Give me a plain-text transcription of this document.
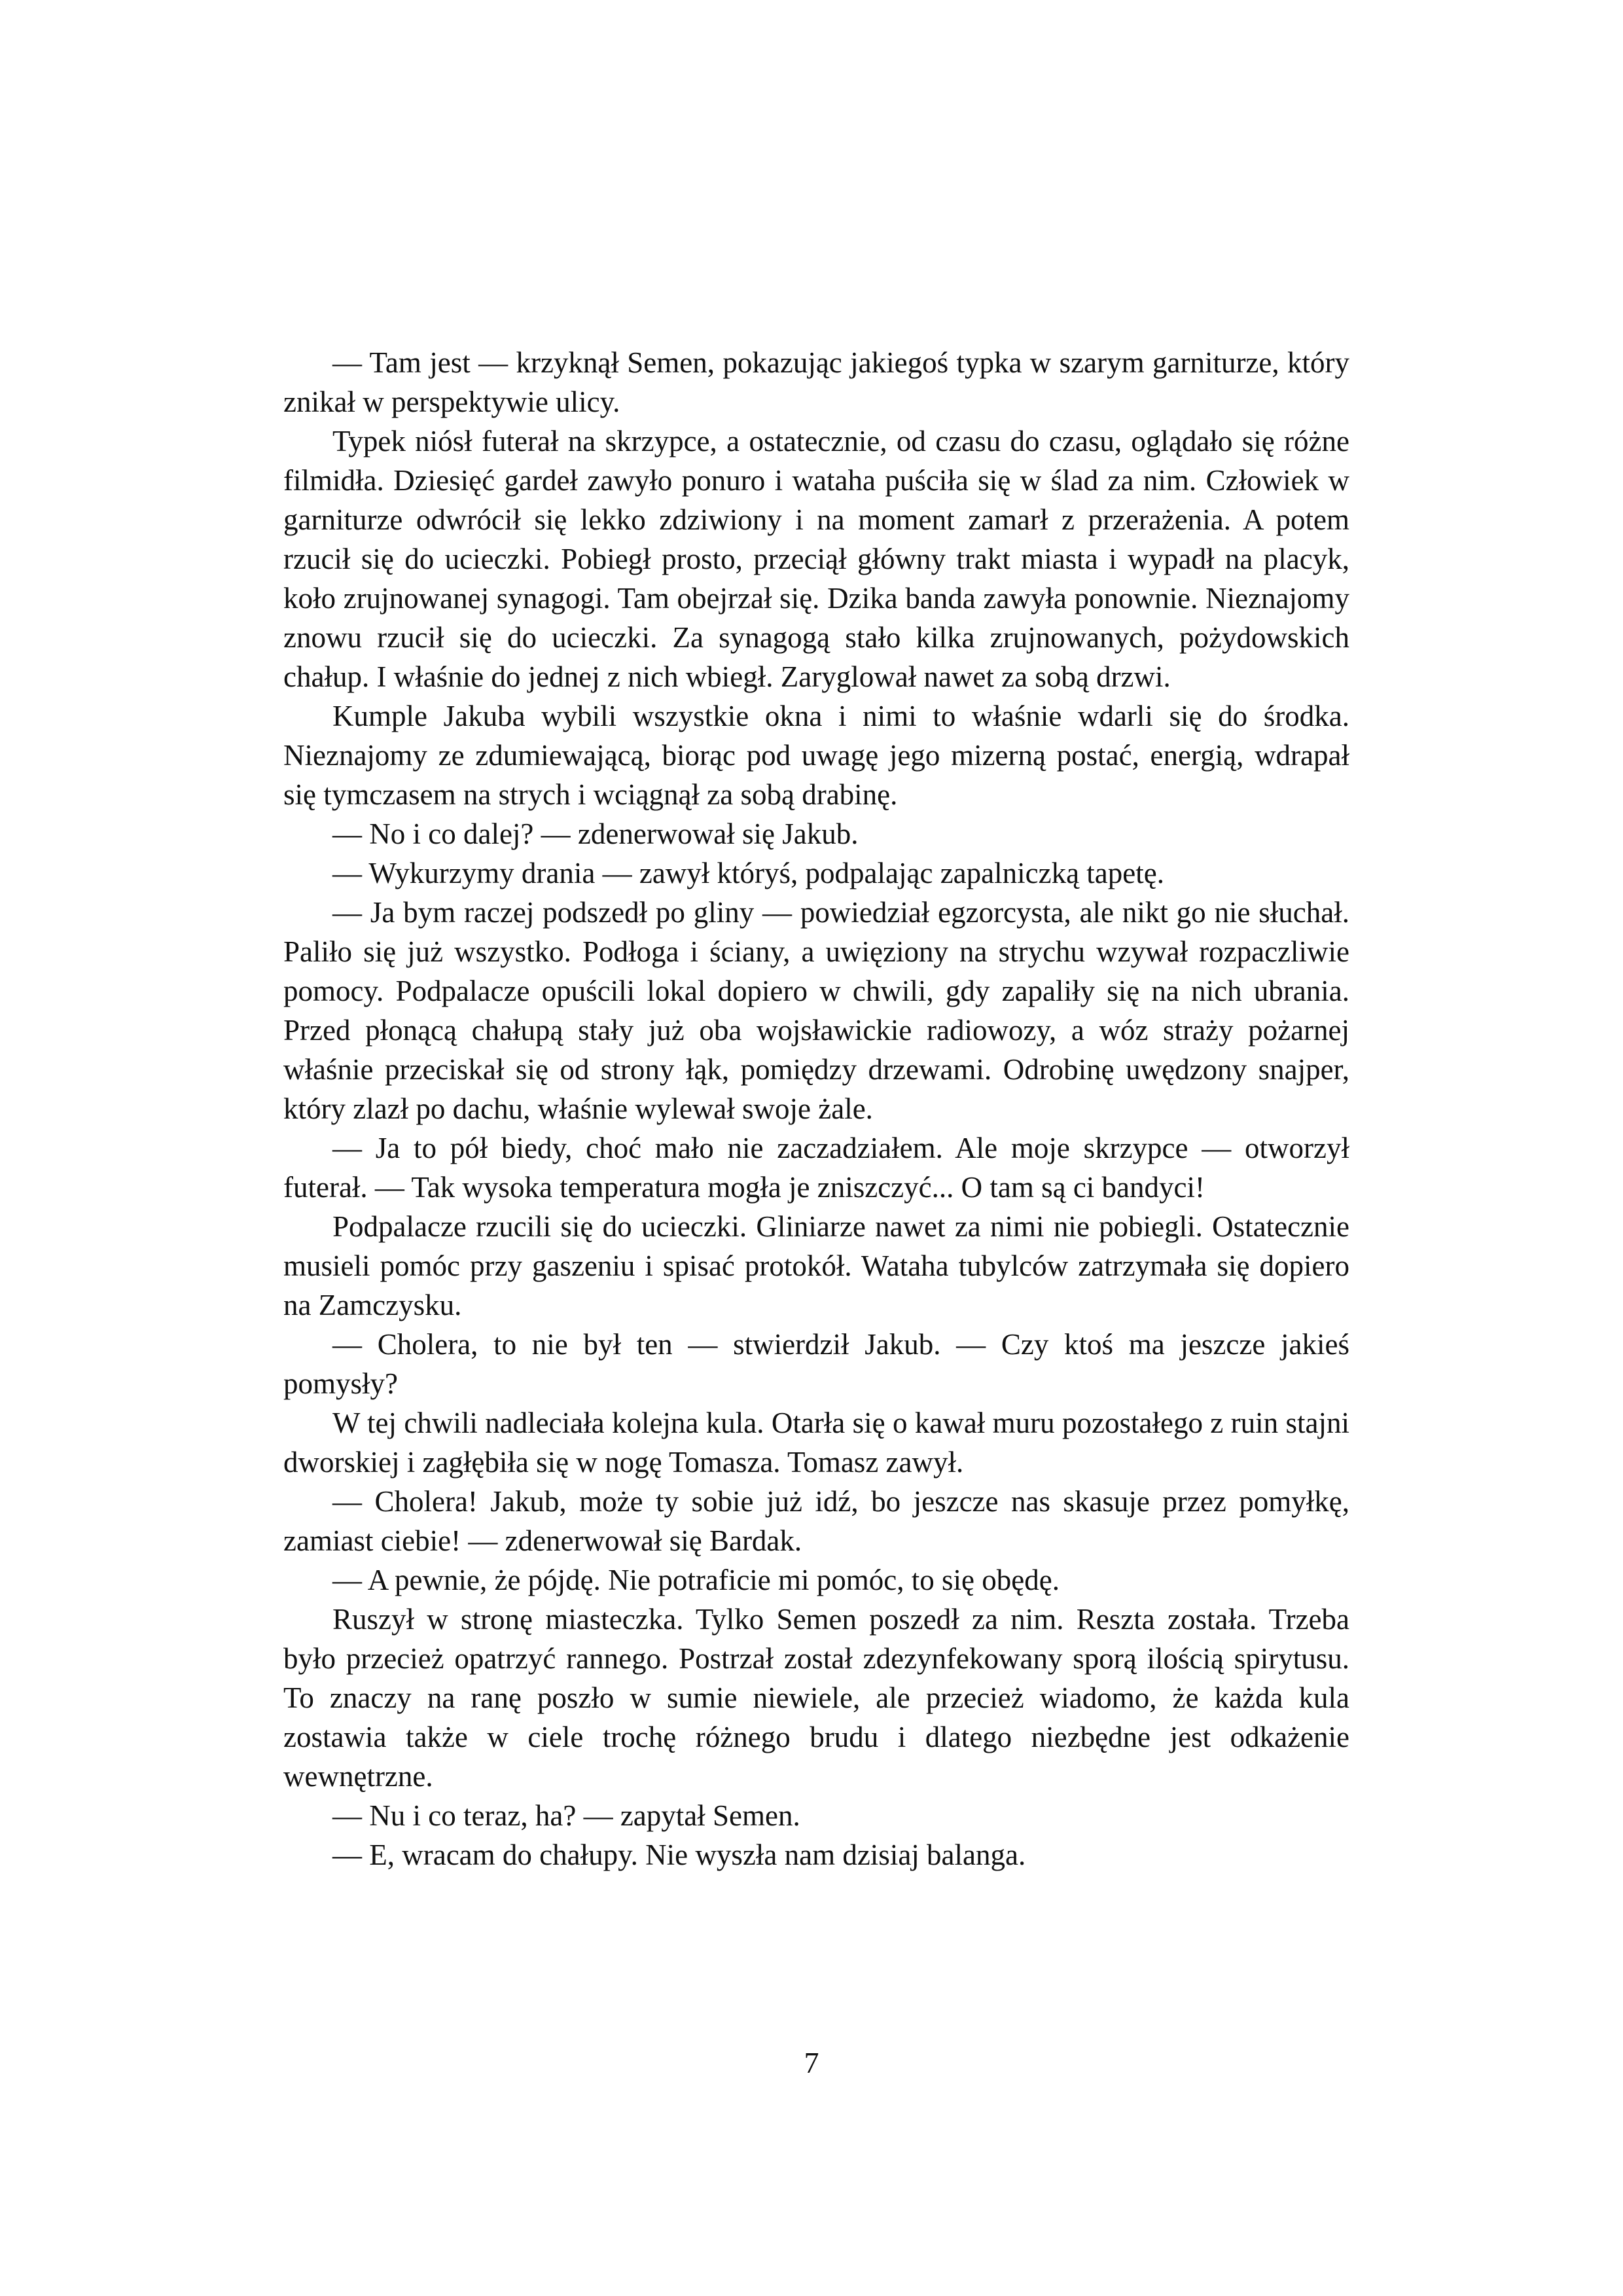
— Tam jest — krzyknął Semen, pokazując jakiegoś typka w szarym garniturze, który znikał w perspektywie ulicy.

Typek niósł futerał na skrzypce, a ostatecznie, od czasu do czasu, oglądało się różne filmidła. Dziesięć gardeł zawyło ponuro i wataha puściła się w ślad za nim. Człowiek w garniturze odwrócił się lekko zdziwiony i na moment zamarł z przerażenia. A potem rzucił się do ucieczki. Pobiegł prosto, przeciął główny trakt miasta i wypadł na placyk, koło zrujnowanej synagogi. Tam obejrzał się. Dzika banda zawyła ponownie. Nieznajomy znowu rzucił się do ucieczki. Za synagogą stało kilka zrujnowanych, pożydowskich chałup. I właśnie do jednej z nich wbiegł. Zaryglował nawet za sobą drzwi.

Kumple Jakuba wybili wszystkie okna i nimi to właśnie wdarli się do środka. Nieznajomy ze zdumiewającą, biorąc pod uwagę jego mizerną postać, energią, wdrapał się tymczasem na strych i wciągnął za sobą drabinę.

— No i co dalej? — zdenerwował się Jakub.

— Wykurzymy drania — zawył któryś, podpalając zapalniczką tapetę.

— Ja bym raczej podszedł po gliny — powiedział egzorcysta, ale nikt go nie słuchał. Paliło się już wszystko. Podłoga i ściany, a uwięziony na strychu wzywał rozpaczliwie pomocy. Podpalacze opuścili lokal dopiero w chwili, gdy zapaliły się na nich ubrania. Przed płonącą chałupą stały już oba wojsławickie radiowozy, a wóz straży pożarnej właśnie przeciskał się od strony łąk, pomiędzy drzewami. Odrobinę uwędzony snajper, który zlazł po dachu, właśnie wylewał swoje żale.

— Ja to pół biedy, choć mało nie zaczadziałem. Ale moje skrzypce — otworzył futerał. — Tak wysoka temperatura mogła je zniszczyć... O tam są ci bandyci!

Podpalacze rzucili się do ucieczki. Gliniarze nawet za nimi nie pobiegli. Ostatecznie musieli pomóc przy gaszeniu i spisać protokół. Wataha tubylców zatrzymała się dopiero na Zamczysku.

— Cholera, to nie był ten — stwierdził Jakub. — Czy ktoś ma jeszcze jakieś pomysły?

W tej chwili nadleciała kolejna kula. Otarła się o kawał muru pozostałego z ruin stajni dworskiej i zagłębiła się w nogę Tomasza. Tomasz zawył.

— Cholera! Jakub, może ty sobie już idź, bo jeszcze nas skasuje przez pomyłkę, zamiast ciebie! — zdenerwował się Bardak.

— A pewnie, że pójdę. Nie potraficie mi pomóc, to się obędę.

Ruszył w stronę miasteczka. Tylko Semen poszedł za nim. Reszta została. Trzeba było przecież opatrzyć rannego. Postrzał został zdezynfekowany sporą ilością spirytusu. To znaczy na ranę poszło w sumie niewiele, ale przecież wiadomo, że każda kula zostawia także w ciele trochę różnego brudu i dlatego niezbędne jest odkażenie wewnętrzne.

— Nu i co teraz, ha? — zapytał Semen.

— E, wracam do chałupy. Nie wyszła nam dzisiaj balanga.

7
